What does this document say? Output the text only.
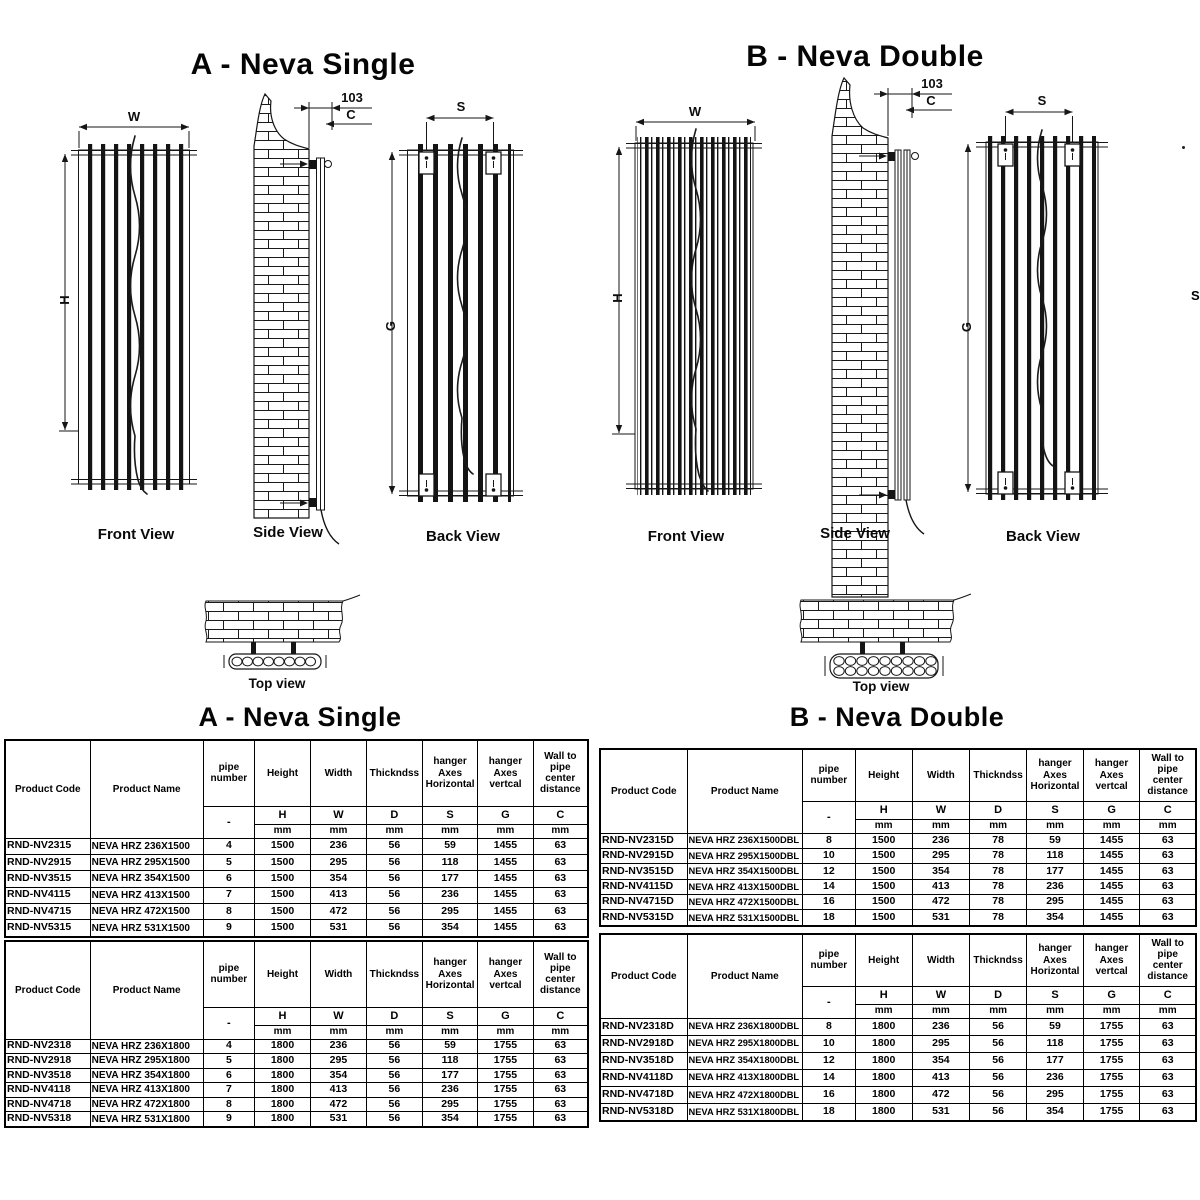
A - Neva Single	B - Neva Double
W
H
103
C
S
G
W
H
103
C	S
G
Front View	Side View	Back View
Top view
Front View	Side View	Back View
Top view
A - Neva Single	B - Neva Double
Product Code	Product Name	pipe number	Height	Width	Thickndss	hanger Axes Horizontal	hanger Axes vertcal	Wall to pipe center distance
		-	H	W	D	S	G	C
			mm	mm	mm	mm	mm	mm
RND-NV2315	NEVA HRZ 236X1500	4	1500	236	56	59	1455	63
RND-NV2915	NEVA HRZ 295X1500	5	1500	295	56	118	1455	63
RND-NV3515	NEVA HRZ 354X1500	6	1500	354	56	177	1455	63
RND-NV4115	NEVA HRZ 413X1500	7	1500	413	56	236	1455	63
RND-NV4715	NEVA HRZ 472X1500	8	1500	472	56	295	1455	63
RND-NV5315	NEVA HRZ 531X1500	9	1500	531	56	354	1455	63
Product Code	Product Name	pipe number	Height	Width	Thickndss	hanger Axes Horizontal	hanger Axes vertcal	Wall to pipe center distance
		-	H	W	D	S	G	C
			mm	mm	mm	mm	mm	mm
RND-NV2318	NEVA HRZ 236X1800	4	1800	236	56	59	1755	63
RND-NV2918	NEVA HRZ 295X1800	5	1800	295	56	118	1755	63
RND-NV3518	NEVA HRZ 354X1800	6	1800	354	56	177	1755	63
RND-NV4118	NEVA HRZ 413X1800	7	1800	413	56	236	1755	63
RND-NV4718	NEVA HRZ 472X1800	8	1800	472	56	295	1755	63
RND-NV5318	NEVA HRZ 531X1800	9	1800	531	56	354	1755	63
Product Code	Product Name	pipe number	Height	Width	Thickndss	hanger Axes Horizontal	hanger Axes vertcal	Wall to pipe center distance
		-	H	W	D	S	G	C
			mm	mm	mm	mm	mm	mm
RND-NV2315D	NEVA HRZ 236X1500DBL	8	1500	236	78	59	1455	63
RND-NV2915D	NEVA HRZ 295X1500DBL	10	1500	295	78	118	1455	63
RND-NV3515D	NEVA HRZ 354X1500DBL	12	1500	354	78	177	1455	63
RND-NV4115D	NEVA HRZ 413X1500DBL	14	1500	413	78	236	1455	63
RND-NV4715D	NEVA HRZ 472X1500DBL	16	1500	472	78	295	1455	63
RND-NV5315D	NEVA HRZ 531X1500DBL	18	1500	531	78	354	1455	63
Product Code	Product Name	pipe number	Height	Width	Thickndss	hanger Axes Horizontal	hanger Axes vertcal	Wall to pipe center distance
		-	H	W	D	S	G	C
			mm	mm	mm	mm	mm	mm
RND-NV2318D	NEVA HRZ 236X1800DBL	8	1800	236	56	59	1755	63
RND-NV2918D	NEVA HRZ 295X1800DBL	10	1800	295	56	118	1755	63
RND-NV3518D	NEVA HRZ 354X1800DBL	12	1800	354	56	177	1755	63
RND-NV4118D	NEVA HRZ 413X1800DBL	14	1800	413	56	236	1755	63
RND-NV4718D	NEVA HRZ 472X1800DBL	16	1800	472	56	295	1755	63
RND-NV5318D	NEVA HRZ 531X1800DBL	18	1800	531	56	354	1755	63
S
